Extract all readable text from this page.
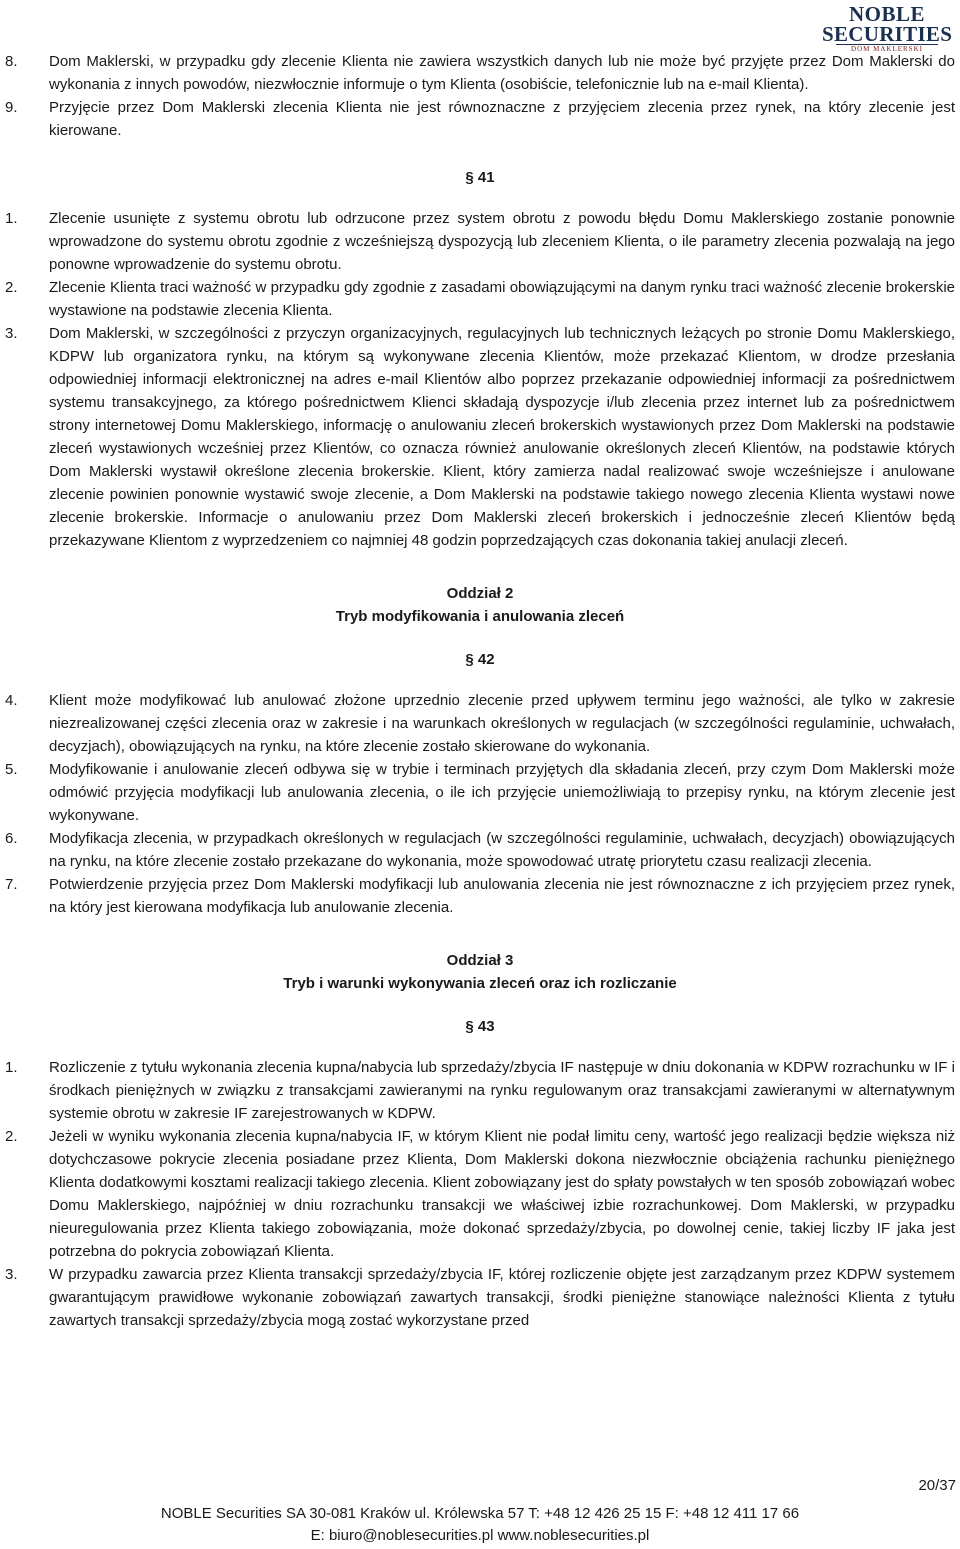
NOBLE
SECURITIES
DOM MAKLERSKI
8.	Dom Maklerski, w przypadku gdy zlecenie Klienta nie zawiera wszystkich danych lub nie może być przyjęte przez Dom Maklerski do wykonania z innych powodów, niezwłocznie informuje o tym Klienta (osobiście, telefonicznie lub na e-mail Klienta).
9.	Przyjęcie przez Dom Maklerski zlecenia Klienta nie jest równoznaczne z przyjęciem zlecenia przez rynek, na który zlecenie jest kierowane.
§ 41
1.	Zlecenie usunięte z systemu obrotu lub odrzucone przez system obrotu z powodu błędu Domu Maklerskiego zostanie ponownie wprowadzone do systemu obrotu zgodnie z wcześniejszą dyspozycją lub zleceniem Klienta, o ile parametry zlecenia pozwalają na jego ponowne wprowadzenie do systemu obrotu.
2.	Zlecenie Klienta traci ważność w przypadku gdy zgodnie z zasadami obowiązującymi na danym rynku traci ważność zlecenie brokerskie wystawione na podstawie zlecenia Klienta.
3.	Dom Maklerski, w szczególności z przyczyn organizacyjnych, regulacyjnych lub technicznych leżących po stronie Domu Maklerskiego, KDPW lub organizatora rynku, na którym są wykonywane zlecenia Klientów, może przekazać Klientom, w drodze przesłania odpowiedniej informacji elektronicznej na adres e-mail Klientów albo poprzez przekazanie odpowiedniej informacji za pośrednictwem systemu transakcyjnego, za którego pośrednictwem Klienci składają dyspozycje i/lub zlecenia przez internet lub za pośrednictwem strony internetowej Domu Maklerskiego, informację o anulowaniu zleceń brokerskich wystawionych przez Dom Maklerski na podstawie zleceń wystawionych wcześniej przez Klientów, co oznacza również anulowanie określonych zleceń Klientów, na podstawie których Dom Maklerski wystawił określone zlecenia brokerskie. Klient, który zamierza nadal realizować swoje wcześniejsze i anulowane zlecenie powinien ponownie wystawić swoje zlecenie, a Dom Maklerski na podstawie takiego nowego zlecenia Klienta wystawi nowe zlecenie brokerskie. Informacje o anulowaniu przez Dom Maklerski zleceń brokerskich i jednocześnie zleceń Klientów będą przekazywane Klientom z wyprzedzeniem co najmniej 48 godzin poprzedzających czas dokonania takiej anulacji zleceń.
Oddział 2
Tryb modyfikowania i anulowania zleceń
§ 42
4.	Klient może modyfikować lub anulować złożone uprzednio zlecenie przed upływem terminu jego ważności, ale tylko w zakresie niezrealizowanej części zlecenia oraz w zakresie i na warunkach określonych w regulacjach (w szczególności regulaminie, uchwałach, decyzjach), obowiązujących na rynku, na które zlecenie zostało skierowane do wykonania.
5.	Modyfikowanie i anulowanie zleceń odbywa się w trybie i terminach przyjętych dla składania zleceń, przy czym Dom Maklerski może odmówić przyjęcia modyfikacji lub anulowania zlecenia, o ile ich przyjęcie uniemożliwiają to przepisy rynku, na którym zlecenie jest wykonywane.
6.	Modyfikacja zlecenia, w przypadkach określonych w regulacjach (w szczególności regulaminie, uchwałach, decyzjach) obowiązujących na rynku, na które zlecenie zostało przekazane do wykonania, może spowodować utratę priorytetu czasu realizacji zlecenia.
7.	Potwierdzenie przyjęcia przez Dom Maklerski modyfikacji lub anulowania zlecenia nie jest równoznaczne z ich przyjęciem przez rynek, na który jest kierowana modyfikacja lub anulowanie zlecenia.
Oddział 3
Tryb i warunki wykonywania zleceń oraz ich rozliczanie
§ 43
1.	Rozliczenie z tytułu wykonania zlecenia kupna/nabycia lub sprzedaży/zbycia IF następuje w dniu dokonania w KDPW rozrachunku w IF i środkach pieniężnych w związku z transakcjami zawieranymi na rynku regulowanym oraz transakcjami zawieranymi w alternatywnym systemie obrotu w zakresie IF zarejestrowanych w KDPW.
2.	Jeżeli w wyniku wykonania zlecenia kupna/nabycia IF, w którym Klient nie podał limitu ceny, wartość jego realizacji będzie większa niż dotychczasowe pokrycie zlecenia posiadane przez Klienta, Dom Maklerski dokona niezwłocznie obciążenia rachunku pieniężnego Klienta dodatkowymi kosztami realizacji takiego zlecenia. Klient zobowiązany jest do spłaty powstałych w ten sposób zobowiązań wobec Domu Maklerskiego, najpóźniej w dniu rozrachunku transakcji we właściwej izbie rozrachunkowej. Dom Maklerski, w przypadku nieuregulowania przez Klienta takiego zobowiązania, może dokonać sprzedaży/zbycia, po dowolnej cenie, takiej liczby IF jaka jest potrzebna do pokrycia zobowiązań Klienta.
3.	W przypadku zawarcia przez Klienta transakcji sprzedaży/zbycia IF, której rozliczenie objęte jest zarządzanym przez KDPW systemem gwarantującym prawidłowe wykonanie zobowiązań zawartych transakcji, środki pieniężne stanowiące należności Klienta z tytułu zawartych transakcji sprzedaży/zbycia mogą zostać wykorzystane przed
20/37
NOBLE Securities SA 30-081 Kraków ul. Królewska 57 T: +48 12 426 25 15 F: +48 12 411 17 66
E: biuro@noblesecurities.pl www.noblesecurities.pl
